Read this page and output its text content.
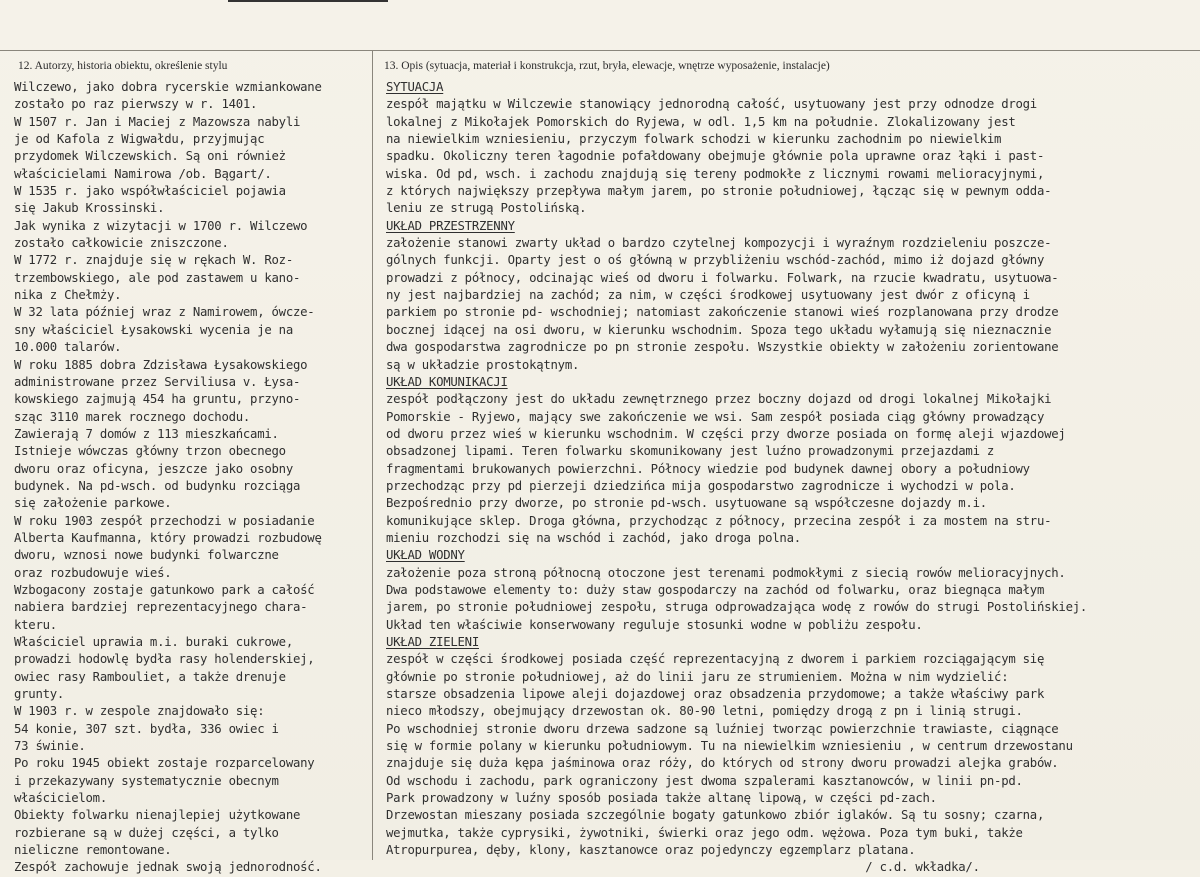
12. Autorzy, historia obiektu, określenie stylu	13. Opis (sytuacja, materiał i konstrukcja, rzut, bryła, elewacje, wnętrze wyposażenie, instalacje)
Wilczewo, jako dobra rycerskie wzmiankowane
zostało po raz pierwszy w r. 1401.
W 1507 r. Jan i Maciej z Mazowsza nabyli
je od Kafola z Wigwałdu, przyjmując
przydomek Wilczewskich. Są oni również
właścicielami Namirowa /ob. Bągart/.
W 1535 r. jako współwłaściciel pojawia
się Jakub Krossinski.
Jak wynika z wizytacji w 1700 r. Wilczewo
zostało całkowicie zniszczone.
W 1772 r. znajduje się w rękach W. Roz-
trzembowskiego, ale pod zastawem u kano-
nika z Chełmży.
W 32 lata później wraz z Namirowem, ówcze-
sny właściciel Łysakowski wycenia je na
10.000 talarów.
W roku 1885 dobra Zdzisława Łysakowskiego
administrowane przez Serviliusa v. Łysa-
kowskiego zajmują 454 ha gruntu, przyno-
sząc 3110 marek rocznego dochodu.
Zawierają 7 domów z 113 mieszkańcami.
Istnieje wówczas główny trzon obecnego
dworu oraz oficyna, jeszcze jako osobny
budynek. Na pd-wsch. od budynku rozciąga
się założenie parkowe.
W roku 1903 zespół przechodzi w posiadanie
Alberta Kaufmanna, który prowadzi rozbudowę
dworu, wznosi nowe budynki folwarczne
oraz rozbudowuje wieś.
Wzbogacony zostaje gatunkowo park a całość
nabiera bardziej reprezentacyjnego chara-
kteru.
Właściciel uprawia m.i. buraki cukrowe,
prowadzi hodowlę bydła rasy holenderskiej,
owiec rasy Rambouliet, a także drenuje
grunty.
W 1903 r. w zespole znajdowało się:
54 konie, 307 szt. bydła, 336 owiec i
73 świnie.
Po roku 1945 obiekt zostaje rozparcelowany
i przekazywany systematycznie obecnym
właścicielom.
Obiekty folwarku nienajlepiej użytkowane
rozbierane są w dużej części, a tylko
nieliczne remontowane.
Zespół zachowuje jednak swoją jednorodność.
SYTUACJA
zespół majątku w Wilczewie stanowiący jednorodną całość, usytuowany jest przy odnodze drogi
lokalnej z Mikołajek Pomorskich do Ryjewa, w odl. 1,5 km na południe. Zlokalizowany jest
na niewielkim wzniesieniu, przyczym folwark schodzi w kierunku zachodnim po niewielkim
spadku. Okoliczny teren łagodnie pofałdowany obejmuje głównie pola uprawne oraz łąki i past-
wiska. Od pd, wsch. i zachodu znajdują się tereny podmokłe z licznymi rowami melioracyjnymi,
z których największy przepływa małym jarem, po stronie południowej, łącząc się w pewnym odda-
leniu ze strugą Postolińską.
UKŁAD PRZESTRZENNY
założenie stanowi zwarty układ o bardzo czytelnej kompozycji i wyraźnym rozdzieleniu poszcze-
gólnych funkcji. Oparty jest o oś główną w przybliżeniu wschód-zachód, mimo iż dojazd główny
prowadzi z północy, odcinając wieś od dworu i folwarku. Folwark, na rzucie kwadratu, usytuowa-
ny jest najbardziej na zachód; za nim, w części środkowej usytuowany jest dwór z oficyną i
parkiem po stronie pd- wschodniej; natomiast zakończenie stanowi wieś rozplanowana przy drodze
bocznej idącej na osi dworu, w kierunku wschodnim. Spoza tego układu wyłamują się nieznacznie
dwa gospodarstwa zagrodnicze po pn stronie zespołu. Wszystkie obiekty w założeniu zorientowane
są w układzie prostokątnym.
UKŁAD KOMUNIKACJI
zespół podłączony jest do układu zewnętrznego przez boczny dojazd od drogi lokalnej Mikołajki
Pomorskie - Ryjewo, mający swe zakończenie we wsi. Sam zespół posiada ciąg główny prowadzący
od dworu przez wieś w kierunku wschodnim. W części przy dworze posiada on formę aleji wjazdowej
obsadzonej lipami. Teren folwarku skomunikowany jest luźno prowadzonymi przejazdami z
fragmentami brukowanych powierzchni. Północy wiedzie pod budynek dawnej obory a południowy
przechodząc przy pd pierzeji dziedzińca mija gospodarstwo zagrodnicze i wychodzi w pola.
Bezpośrednio przy dworze, po stronie pd-wsch. usytuowane są współczesne dojazdy m.i.
komunikujące sklep. Droga główna, przychodząc z północy, przecina zespół i za mostem na stru-
mieniu rozchodzi się na wschód i zachód, jako droga polna.
UKŁAD WODNY
założenie poza stroną północną otoczone jest terenami podmokłymi z siecią rowów melioracyjnych.
Dwa podstawowe elementy to: duży staw gospodarczy na zachód od folwarku, oraz biegnąca małym
jarem, po stronie południowej zespołu, struga odprowadzająca wodę z rowów do strugi Postolińskiej.
Układ ten właściwie konserwowany reguluje stosunki wodne w pobliżu zespołu.
UKŁAD ZIELENI
zespół w części środkowej posiada część reprezentacyjną z dworem i parkiem rozciągającym się
głównie po stronie południowej, aż do linii jaru ze strumieniem. Można w nim wydzielić:
starsze obsadzenia lipowe aleji dojazdowej oraz obsadzenia przydomowe; a także właściwy park
nieco młodszy, obejmujący drzewostan ok. 80-90 letni, pomiędzy drogą z pn i linią strugi.
Po wschodniej stronie dworu drzewa sadzone są luźniej tworząc powierzchnie trawiaste, ciągnące
się w formie polany w kierunku południowym. Tu na niewielkim wzniesieniu , w centrum drzewostanu
znajduje się duża kępa jaśminowa oraz róży, do których od strony dworu prowadzi alejka grabów.
Od wschodu i zachodu, park ograniczony jest dwoma szpalerami kasztanowców, w linii pn-pd.
Park prowadzony w luźny sposób posiada także altanę lipową, w części pd-zach.
Drzewostan mieszany posiada szczególnie bogaty gatunkowo zbiór iglaków. Są tu sosny; czarna,
wejmutka, także cyprysiki, żywotniki, świerki oraz jego odm. wężowa. Poza tym buki, także
Atropurpurea, dęby, klony, kasztanowce oraz pojedynczy egzemplarz platana.
/ c.d. wkładka/.
